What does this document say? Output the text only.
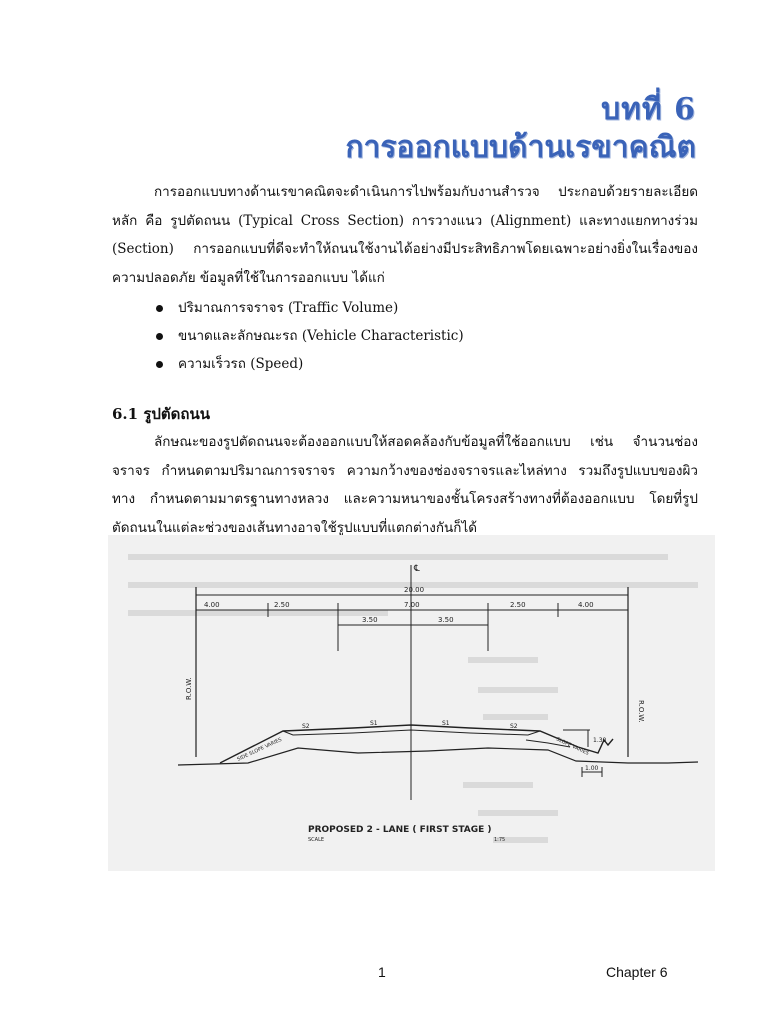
บทที่ 6
การออกแบบด้านเรขาคณิต

การออกแบบทางด้านเรขาคณิตจะดำเนินการไปพร้อมกับงานสำรวจ ประกอบด้วยรายละเอียดหลัก คือ รูปตัดถนน (Typical Cross Section) การวางแนว (Alignment) และทางแยกทางร่วม (Section) การออกแบบที่ดีจะทำให้ถนนใช้งานได้อย่างมีประสิทธิภาพโดยเฉพาะอย่างยิ่งในเรื่องของความปลอดภัย ข้อมูลที่ใช้ในการออกแบบ ได้แก่

ปริมาณการจราจร (Traffic Volume)
ขนาดและลักษณะรถ (Vehicle Characteristic)
ความเร็วรถ (Speed)
6.1 รูปตัดถนน

ลักษณะของรูปตัดถนนจะต้องออกแบบให้สอดคล้องกับข้อมูลที่ใช้ออกแบบ เช่น จำนวนช่องจราจร กำหนดตามปริมาณการจราจร ความกว้างของช่องจราจรและไหล่ทาง รวมถึงรูปแบบของผิวทาง กำหนดตามมาตรฐานทางหลวง และความหนาของชั้นโครงสร้างทางที่ต้องออกแบบ โดยที่รูปตัดถนนในแต่ละช่วงของเส้นทางอาจใช้รูปแบบที่แตกต่างกันก็ได้

℄
R.O.W.
R.O.W.
20.00
4.00	2.50	7.00	2.50	4.00
3.50	3.50
S2	S1	S1	S2
SIDE SLOPE VARIES	SLOPE VARIES 1.30
1.00
PROPOSED 2 - LANE ( FIRST STAGE )
SCALE	1:75
1	Chapter 6
